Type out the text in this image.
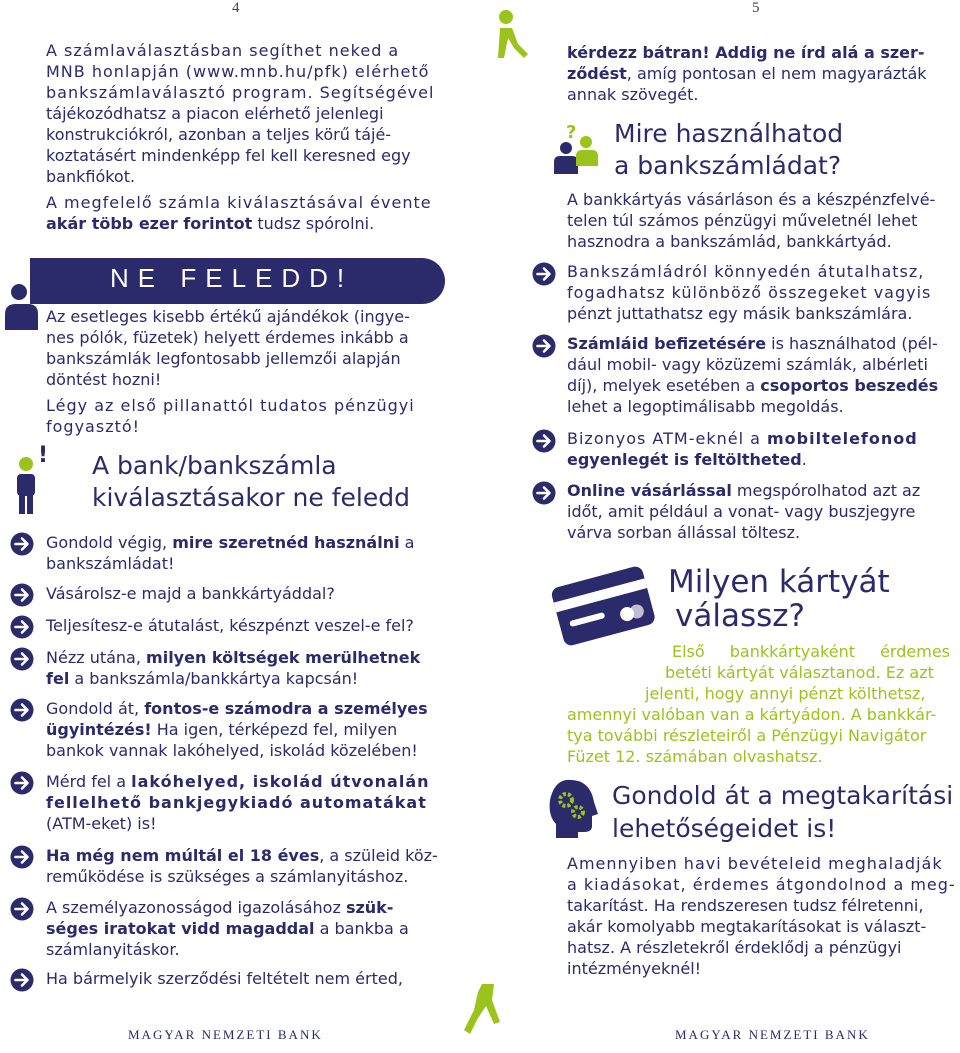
4

A számlaválasztásban segíthet neked a

MNB honlapján (www.mnb.hu/pfk) elérhető

bankszámlaválasztó program. Segítségével

tájékozódhatsz a piacon elérhető jelenlegi

konstrukciókról, azonban a teljes körű tájé-

koztatásért mindenképp fel kell keresned egy

bankfiókot.

A megfelelő számla kiválasztásával évente

akár több ezer forintot tudsz spórolni.

NE FELEDD!

Az esetleges kisebb értékű ajándékok (ingye-

nes pólók, füzetek) helyett érdemes inkább a

bankszámlák legfontosabb jellemzői alapján

döntést hozni!

Légy az első pillanattól tudatos pénzügyi

fogyasztó!

! A bank/bankszámla
kiválasztásakor ne feledd

Gondold végig, mire szeretnéd használni a

bankszámládat!

Vásárolsz-e majd a bankkártyáddal?

Teljesítesz-e átutalást, készpénzt veszel-e fel?

Nézz utána, milyen költségek merülhetnek

fel a bankszámla/bankkártya kapcsán!

Gondold át, fontos-e számodra a személyes

ügyintézés! Ha igen, térképezd fel, milyen

bankok vannak lakóhelyed, iskolád közelében!

Mérd fel a lakóhelyed, iskolád útvonalán

fellelhető bankjegykiadó automatákat

(ATM-eket) is!

Ha még nem múltál el 18 éves, a szüleid köz-

reműködése is szükséges a számlanyitáshoz.

A személyazonosságod igazolásához szük-

séges iratokat vidd magaddal a bankba a

számlanyitáskor.

Ha bármelyik szerződési feltételt nem érted,

MAGYAR NEMZETI BANK
5

kérdezz bátran! Addig ne írd alá a szer-

ződést, amíg pontosan el nem magyarázták

annak szövegét.

? Mire használhatod
a bankszámládat?

A bankkártyás vásárláson és a készpénzfelvé-

telen túl számos pénzügyi műveletnél lehet

hasznodra a bankszámlád, bankkártyád.

Bankszámládról könnyedén átutalhatsz,

fogadhatsz különböző összegeket vagyis

pénzt juttathatsz egy másik bankszámlára.

Számláid befizetésére is használhatod (pél-

dául mobil- vagy közüzemi számlák, albérleti

díj), melyek esetében a csoportos beszedés

lehet a legoptimálisabb megoldás.

Bizonyos ATM-eknél a mobiltelefonod

egyenlegét is feltöltheted.

Online vásárlással megspórolhatod azt az

időt, amit például a vonat- vagy buszjegyre

várva sorban állással töltesz.

Milyen kártyát
válassz?

Első bankkártyaként érdemes

betéti kártyát választanod. Ez azt

jelenti, hogy annyi pénzt költhetsz,

amennyi valóban van a kártyádon. A bankkár-

tya további részleteiről a Pénzügyi Navigátor

Füzet 12. számában olvashatsz.

Gondold át a megtakarítási
lehetőségeidet is!

Amennyiben havi bevételeid meghaladják

a kiadásokat, érdemes átgondolnod a meg-

takarítást. Ha rendszeresen tudsz félretenni,

akár komolyabb megtakarításokat is választ-

hatsz. A részletekről érdeklődj a pénzügyi

intézményeknél!

MAGYAR NEMZETI BANK
